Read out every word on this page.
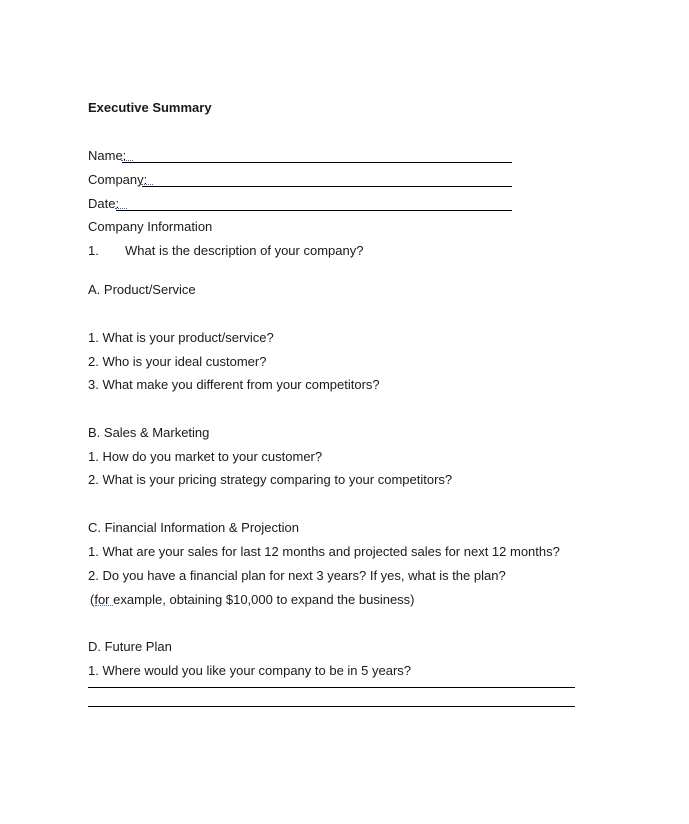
Executive Summary
Name:
Company:
Date:
Company Information
1. What is the description of your company?
A. Product/Service
1. What is your product/service?
2. Who is your ideal customer?
3. What make you different from your competitors?
B. Sales & Marketing
1. How do you market to your customer?
2. What is your pricing strategy comparing to your competitors?
C. Financial Information & Projection
1. What are your sales for last 12 months and projected sales for next 12 months?
2. Do you have a financial plan for next 3 years? If yes, what is the plan?
(for example, obtaining $10,000 to expand the business)
D. Future Plan
1. Where would you like your company to be in 5 years?
